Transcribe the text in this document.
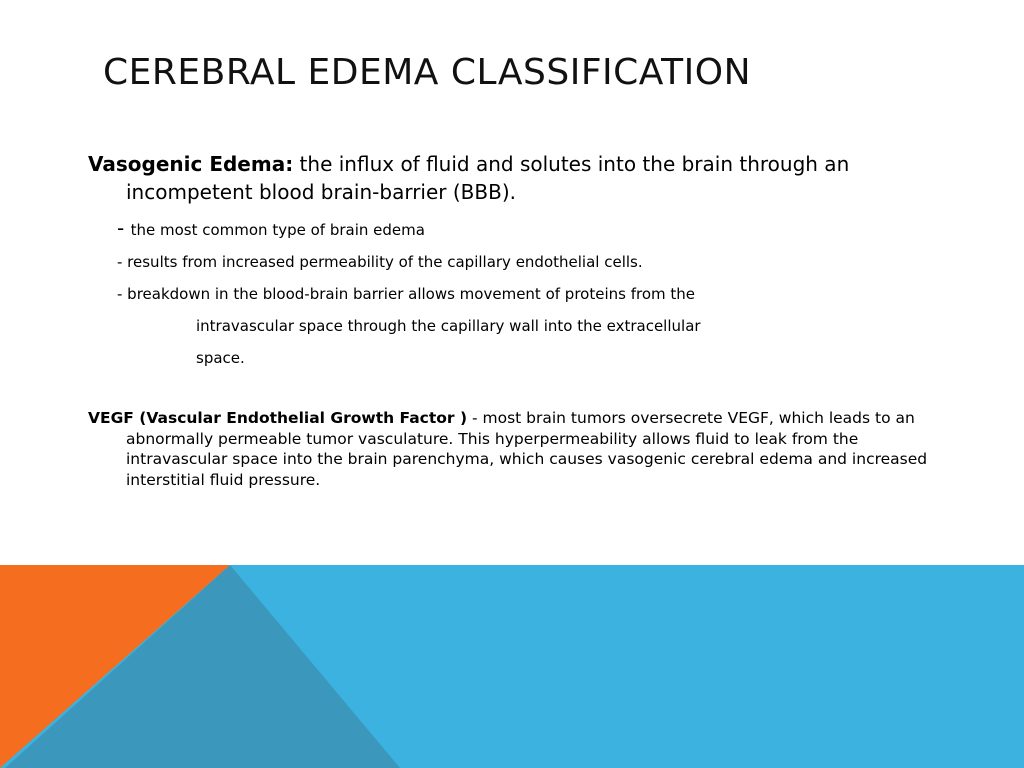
CEREBRAL EDEMA CLASSIFICATION

Vasogenic Edema: the influx of fluid and solutes into the brain through an incompetent blood brain-barrier (BBB).

- the most common type of brain edema

- results from increased permeability of the capillary endothelial cells.

- breakdown in the blood-brain barrier allows movement of proteins from the

intravascular space through the capillary wall into the extracellular

space.

VEGF (Vascular Endothelial Growth Factor ) - most brain tumors oversecrete VEGF, which leads to an abnormally permeable tumor vasculature. This hyperpermeability allows fluid to leak from the intravascular space into the brain parenchyma, which causes vasogenic cerebral edema and increased interstitial fluid pressure.
